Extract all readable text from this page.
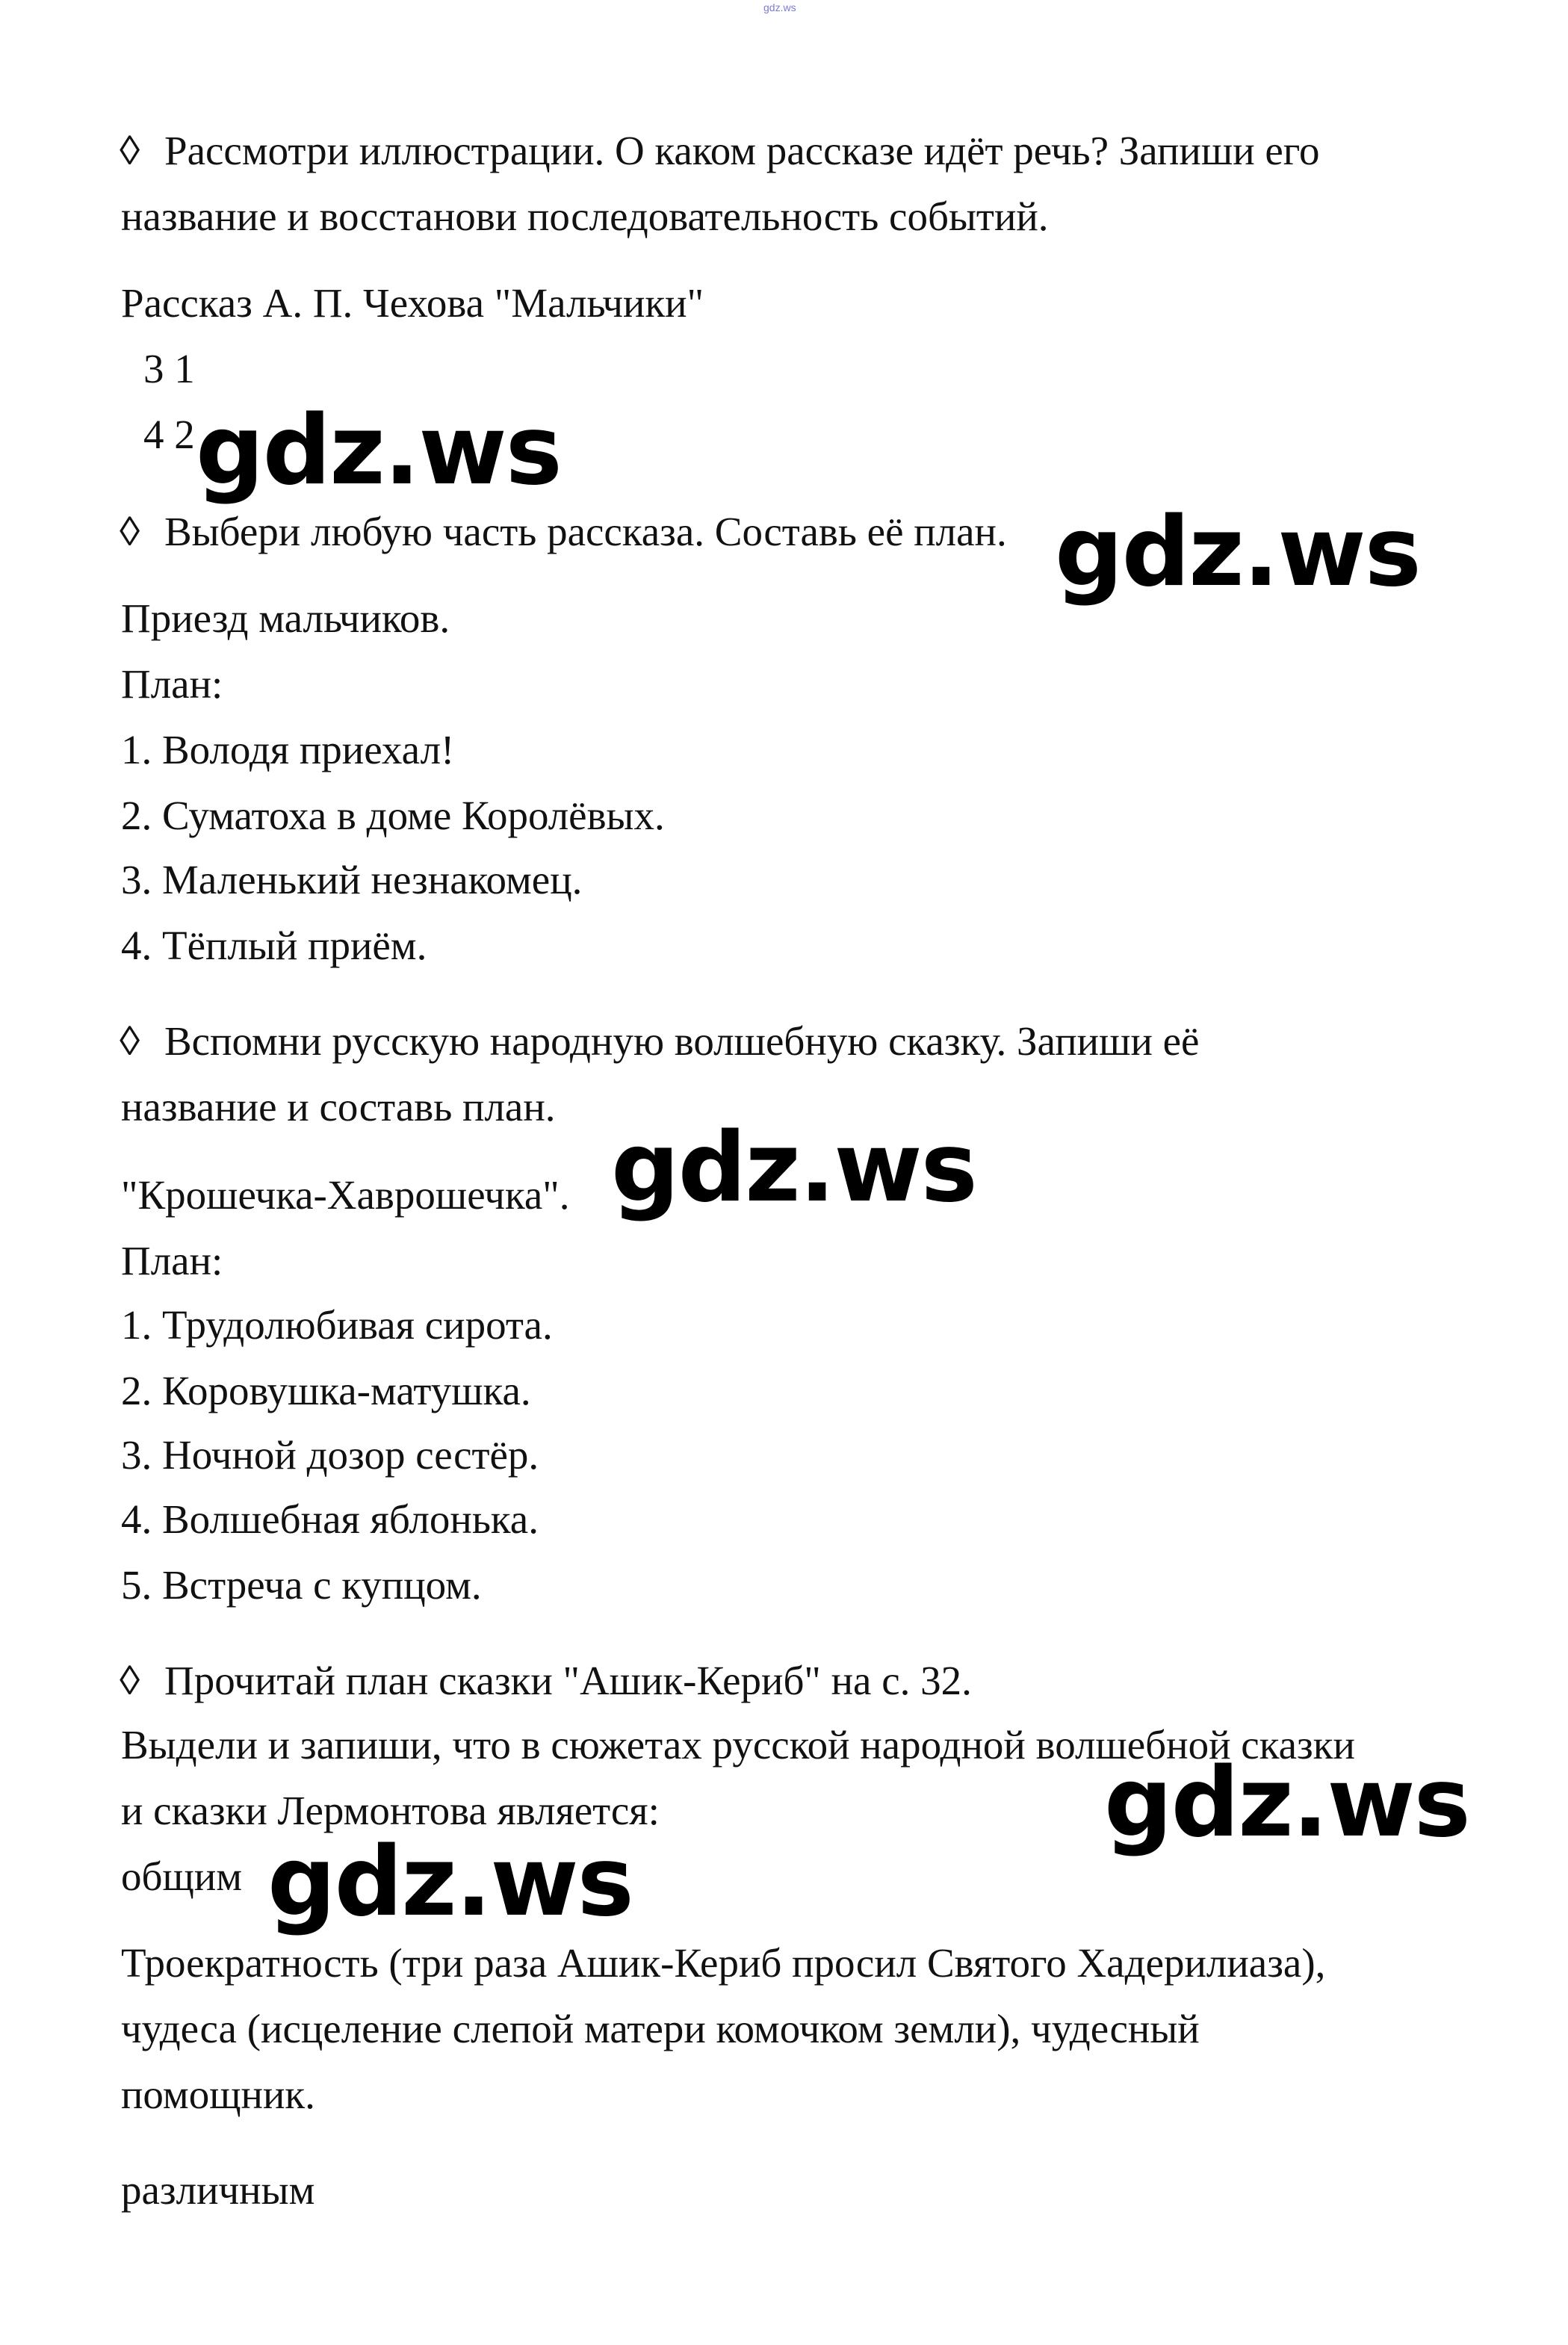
gdz.ws
◊ Рассмотри иллюстрации. О каком рассказе идёт речь? Запиши его
название и восстанови последовательность событий.
Рассказ А. П. Чехова "Мальчики"
3 1
4 2 gdz.ws
◊ Выбери любую часть рассказа. Составь её план. gdz.ws
Приезд мальчиков.
План:
1. Володя приехал!
2. Суматоха в доме Королёвых.
3. Маленький незнакомец.
4. Тёплый приём.
◊ Вспомни русскую народную волшебную сказку. Запиши её
название и составь план.
"Крошечка-Хаврошечка". gdz.ws
План:
1. Трудолюбивая сирота.
2. Коровушка-матушка.
3. Ночной дозор сестёр.
4. Волшебная яблонька.
5. Встреча с купцом.
◊ Прочитай план сказки "Ашик-Кериб" на с. 32.
Выдели и запиши, что в сюжетах русской народной волшебной сказки
и сказки Лермонтова является:	gdz.ws
общим gdz.ws
Троекратность (три раза Ашик-Кериб просил Святого Хадерилиаза),
чудеса (исцеление слепой матери комочком земли), чудесный
помощник.
различным
